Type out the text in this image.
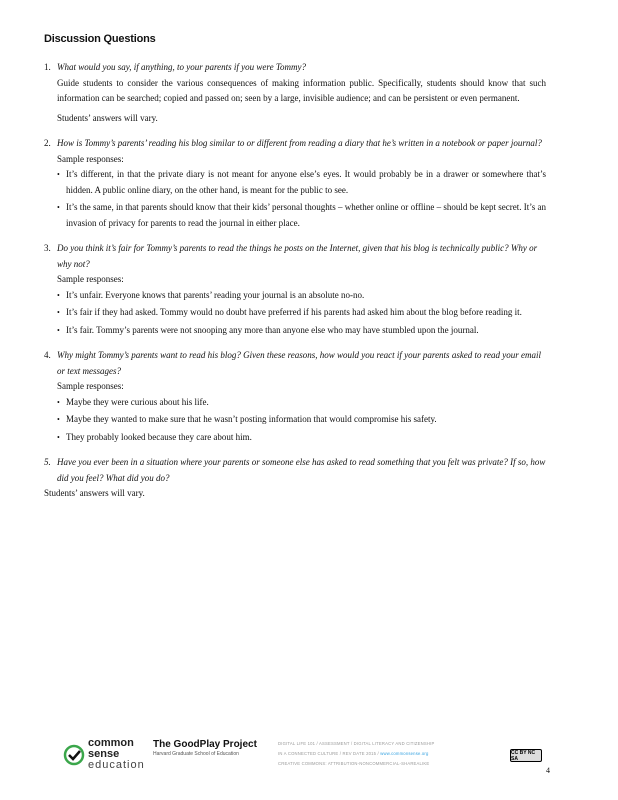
Discussion Questions
1. What would you say, if anything, to your parents if you were Tommy?
Guide students to consider the various consequences of making information public. Specifically, students should know that such information can be searched; copied and passed on; seen by a large, invisible audience; and can be persistent or even permanent.
Students’ answers will vary.
2. How is Tommy’s parents’ reading his blog similar to or different from reading a diary that he’s written in a notebook or paper journal?
Sample responses:
• It’s different, in that the private diary is not meant for anyone else’s eyes. It would probably be in a drawer or somewhere that’s hidden. A public online diary, on the other hand, is meant for the public to see.
• It’s the same, in that parents should know that their kids’ personal thoughts – whether online or offline – should be kept secret. It’s an invasion of privacy for parents to read the journal in either place.
3. Do you think it’s fair for Tommy’s parents to read the things he posts on the Internet, given that his blog is technically public? Why or why not?
Sample responses:
• It’s unfair. Everyone knows that parents’ reading your journal is an absolute no-no.
• It’s fair if they had asked. Tommy would no doubt have preferred if his parents had asked him about the blog before reading it.
• It’s fair. Tommy’s parents were not snooping any more than anyone else who may have stumbled upon the journal.
4. Why might Tommy’s parents want to read his blog? Given these reasons, how would you react if your parents asked to read your email or text messages?
Sample responses:
• Maybe they were curious about his life.
• Maybe they wanted to make sure that he wasn’t posting information that would compromise his safety.
• They probably looked because they care about him.
5. Have you ever been in a situation where your parents or someone else has asked to read something that you felt was private? If so, how did you feel? What did you do?
Students’ answers will vary.
common
sense
education
The GoodPlay Project
Harvard Graduate School of Education
DIGITAL LIFE 101 / ASSESSMENT / DIGITAL LITERACY AND CITIZENSHIP
IN A CONNECTED CULTURE / REV DATE 2015 / www.commonsense.org
CREATIVE COMMONS: ATTRIBUTION-NONCOMMERCIAL-SHAREALIKE
CC BY NC SA
4
